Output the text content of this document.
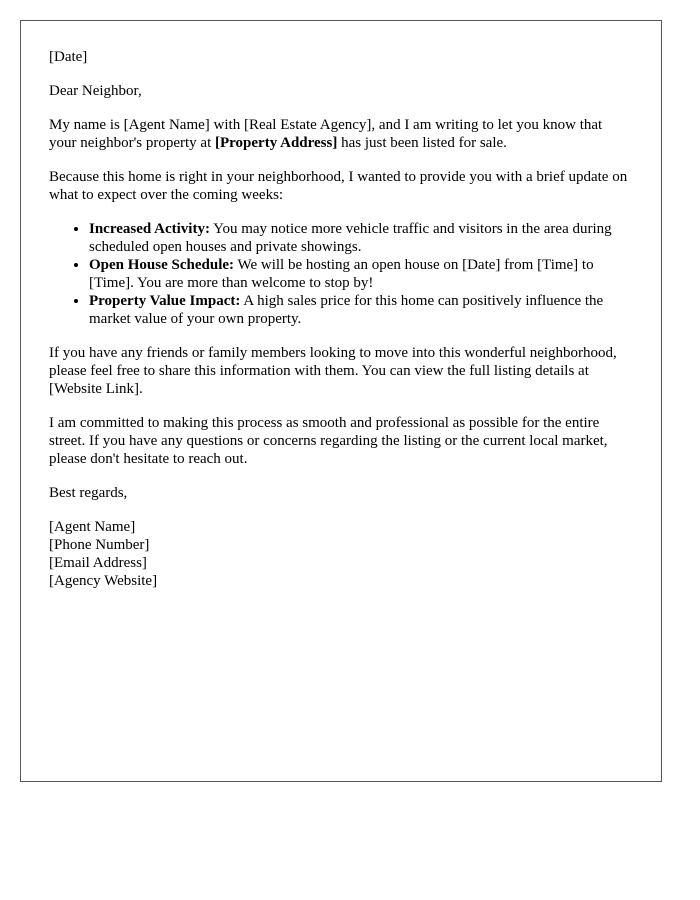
[Date]

Dear Neighbor,

My name is [Agent Name] with [Real Estate Agency], and I am writing to let you know that your neighbor's property at [Property Address] has just been listed for sale.

Because this home is right in your neighborhood, I wanted to provide you with a brief update on what to expect over the coming weeks:

• Increased Activity: You may notice more vehicle traffic and visitors in the area during scheduled open houses and private showings.
• Open House Schedule: We will be hosting an open house on [Date] from [Time] to [Time]. You are more than welcome to stop by!
• Property Value Impact: A high sales price for this home can positively influence the market value of your own property.

If you have any friends or family members looking to move into this wonderful neighborhood, please feel free to share this information with them. You can view the full listing details at [Website Link].

I am committed to making this process as smooth and professional as possible for the entire street. If you have any questions or concerns regarding the listing or the current local market, please don't hesitate to reach out.

Best regards,

[Agent Name]

[Phone Number]

[Email Address]

[Agency Website]
